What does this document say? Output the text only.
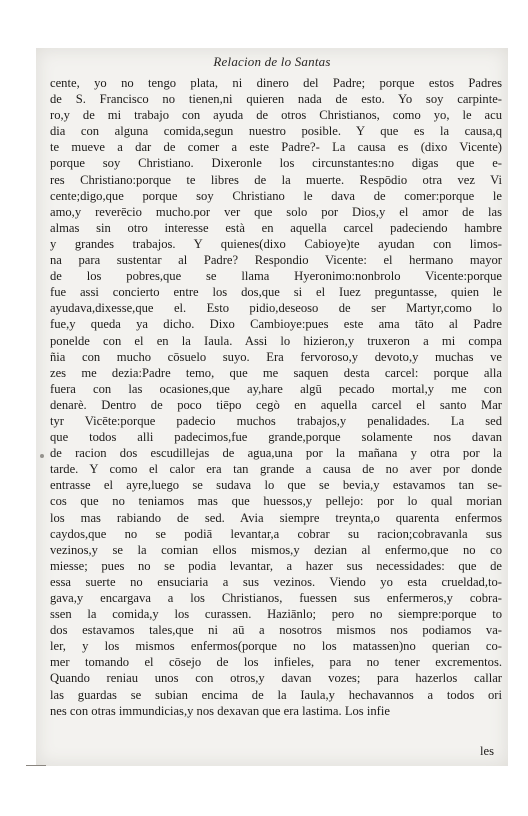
Relacion de lo Santas
cente, yo no tengo plata, ni dinero del Padre; porque estos Padres
de S. Francisco no tienen,ni quieren nada de esto. Yo soy carpinte-
ro,y de mi trabajo con ayuda de otros Christianos, como yo, le acu
dia con alguna comida,segun nuestro posible. Y que es la causa,q
te mueve a dar de comer a este Padre?- La causa es (dixo Vicente)
porque soy Christiano. Dixeronle los circunstantes:no digas que e-
res Christiano:porque te libres de la muerte. Respōdio otra vez Vi
cente;digo,que porque soy Christiano le dava de comer:porque le
amo,y reverēcio mucho.por ver que solo por Dios,y el amor de las
almas sin otro interesse està en aquella carcel padeciendo hambre
y grandes trabajos. Y quienes(dixo Cabioye)te ayudan con limos-
na para sustentar al Padre? Respondio Vicente: el hermano mayor
de los pobres,que se llama Hyeronimo:nonbrolo Vicente:porque
fue assi concierto entre los dos,que si el Iuez preguntasse, quien le
ayudava,dixesse,que el. Esto pidio,deseoso de ser Martyr,como lo
fue,y queda ya dicho. Dixo Cambioye:pues este ama tāto al Padre
ponelde con el en la Iaula. Assi lo hizieron,y truxeron a mi compa
ñia con mucho cōsuelo suyo. Era fervoroso,y devoto,y muchas ve
zes me dezia:Padre temo, que me saquen desta carcel: porque alla
fuera con las ocasiones,que ay,hare algū pecado mortal,y me con
denarè. Dentro de poco tiēpo cegò en aquella carcel el santo Mar
tyr Vicēte:porque padecio muchos trabajos,y penalidades. La sed
que todos alli padecimos,fue grande,porque solamente nos davan
de racion dos escudillejas de agua,una por la mañana y otra por la
tarde. Y como el calor era tan grande a causa de no aver por donde
entrasse el ayre,luego se sudava lo que se bevia,y estavamos tan se-
cos que no teniamos mas que huessos,y pellejo: por lo qual morian
los mas rabiando de sed. Avia siempre treynta,o quarenta enfermos
caydos,que no se podiā levantar,a cobrar su racion;cobravanla sus
vezinos,y se la comian ellos mismos,y dezian al enfermo,que no co
miesse; pues no se podia levantar, a hazer sus necessidades: que de
essa suerte no ensuciaria a sus vezinos. Viendo yo esta crueldad,to-
gava,y encargava a los Christianos, fuessen sus enfermeros,y cobra-
ssen la comida,y los curassen. Haziānlo; pero no siempre:porque to
dos estavamos tales,que ni aū a nosotros mismos nos podiamos va-
ler, y los mismos enfermos(porque no los matassen)no querian co-
mer tomando el cōsejo de los infieles, para no tener excrementos.
Quando reniau unos con otros,y davan vozes; para hazerlos callar
las guardas se subian encima de la Iaula,y hechavannos a todos ori
nes con otras immundicias,y nos dexavan que era lastima. Los infie
les
